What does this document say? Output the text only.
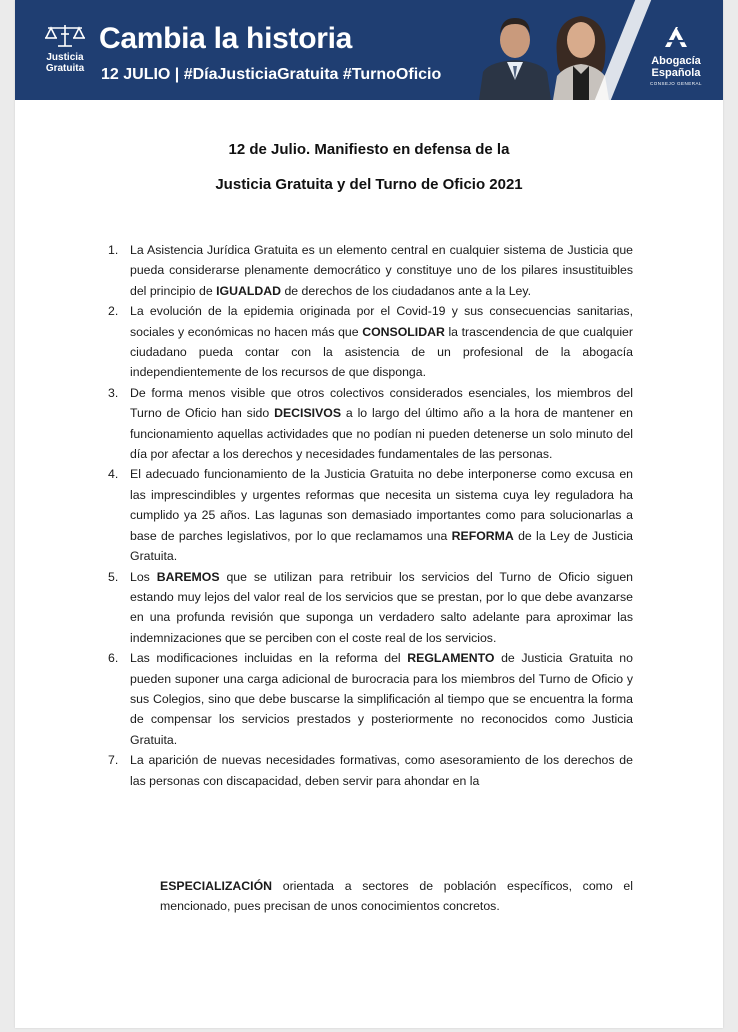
Justicia Gratuita
Cambia la historia
12 JULIO | #DíaJusticiaGratuita #TurnoOficio
Abogacía Española
CONSEJO GENERAL
12 de Julio. Manifiesto en defensa de la
Justicia Gratuita y del Turno de Oficio 2021
1. La Asistencia Jurídica Gratuita es un elemento central en cualquier sistema de Justicia que pueda considerarse plenamente democrático y constituye uno de los pilares insustituibles del principio de IGUALDAD de derechos de los ciudadanos ante a la Ley.
2. La evolución de la epidemia originada por el Covid-19 y sus consecuencias sanitarias, sociales y económicas no hacen más que CONSOLIDAR la trascendencia de que cualquier ciudadano pueda contar con la asistencia de un profesional de la abogacía independientemente de los recursos de que disponga.
3. De forma menos visible que otros colectivos considerados esenciales, los miembros del Turno de Oficio han sido DECISIVOS a lo largo del último año a la hora de mantener en funcionamiento aquellas actividades que no podían ni pueden detenerse un solo minuto del día por afectar a los derechos y necesidades fundamentales de las personas.
4. El adecuado funcionamiento de la Justicia Gratuita no debe interponerse como excusa en las imprescindibles y urgentes reformas que necesita un sistema cuya ley reguladora ha cumplido ya 25 años. Las lagunas son demasiado importantes como para solucionarlas a base de parches legislativos, por lo que reclamamos una REFORMA de la Ley de Justicia Gratuita.
5. Los BAREMOS que se utilizan para retribuir los servicios del Turno de Oficio siguen estando muy lejos del valor real de los servicios que se prestan, por lo que debe avanzarse en una profunda revisión que suponga un verdadero salto adelante para aproximar las indemnizaciones que se perciben con el coste real de los servicios.
6. Las modificaciones incluidas en la reforma del REGLAMENTO de Justicia Gratuita no pueden suponer una carga adicional de burocracia para los miembros del Turno de Oficio y sus Colegios, sino que debe buscarse la simplificación al tiempo que se encuentra la forma de compensar los servicios prestados y posteriormente no reconocidos como Justicia Gratuita.
7. La aparición de nuevas necesidades formativas, como asesoramiento de los derechos de las personas con discapacidad, deben servir para ahondar en la
ESPECIALIZACIÓN orientada a sectores de población específicos, como el mencionado, pues precisan de unos conocimientos concretos.
